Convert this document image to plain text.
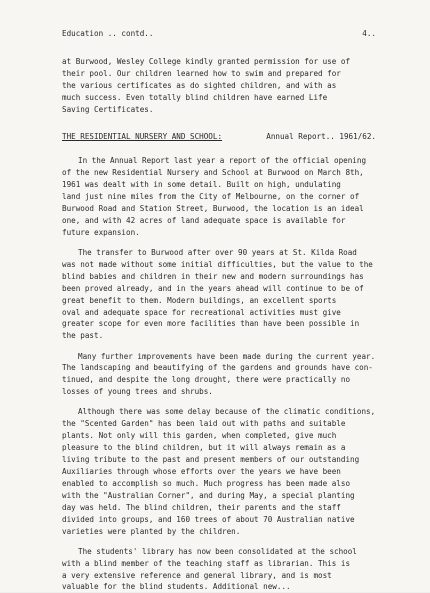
Education .. contd..	4..

at Burwood, Wesley College kindly granted permission for use of
their pool. Our children learned how to swim and prepared for
the various certificates as do sighted children, and with as
much success. Even totally blind children have earned Life
Saving Certificates.

THE RESIDENTIAL NURSERY AND SCHOOL:	Annual Report.. 1961/62.

In the Annual Report last year a report of the official opening
of the new Residential Nursery and School at Burwood on March 8th,
1961 was dealt with in some detail. Built on high, undulating
land just nine miles from the City of Melbourne, on the corner of
Burwood Road and Station Street, Burwood, the location is an ideal
one, and with 42 acres of land adequate space is available for
future expansion.

The transfer to Burwood after over 90 years at St. Kilda Road
was not made without some initial difficulties, but the value to the
blind babies and children in their new and modern surroundings has
been proved already, and in the years ahead will continue to be of
great benefit to them. Modern buildings, an excellent sports
oval and adequate space for recreational activities must give
greater scope for even more facilities than have been possible in
the past.

Many further improvements have been made during the current year.
The landscaping and beautifying of the gardens and grounds have con-
tinued, and despite the long drought, there were practically no
losses of young trees and shrubs.

Although there was some delay because of the climatic conditions,
the "Scented Garden" has been laid out with paths and suitable
plants. Not only will this garden, when completed, give much
pleasure to the blind children, but it will always remain as a
living tribute to the past and present members of our outstanding
Auxiliaries through whose efforts over the years we have been
enabled to accomplish so much. Much progress has been made also
with the "Australian Corner", and during May, a special planting
day was held. The blind children, their parents and the staff
divided into groups, and 160 trees of about 70 Australian native
varieties were planted by the children.

The students' library has now been consolidated at the school
with a blind member of the teaching staff as librarian. This is
a very extensive reference and general library, and is most
valuable for the blind students. Additional new...
